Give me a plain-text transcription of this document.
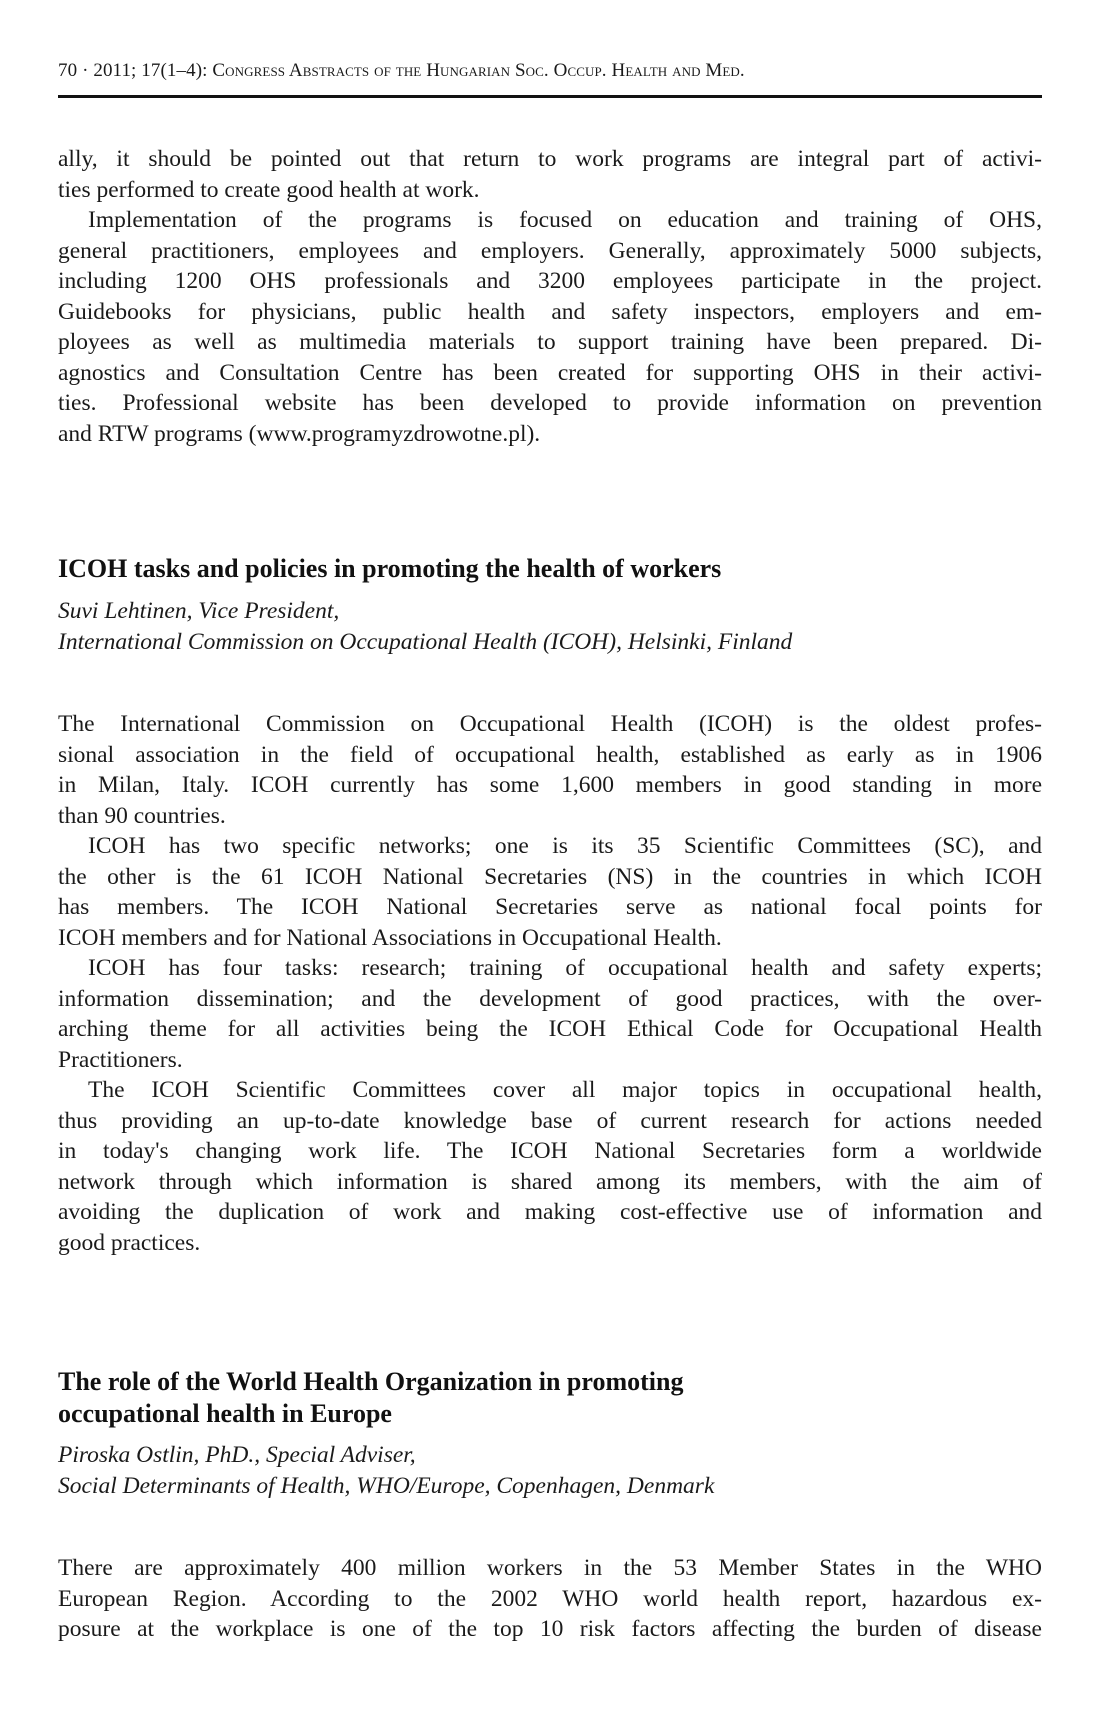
70 · 2011; 17(1–4): Congress Abstracts of the Hungarian Soc. Occup. Health and Med.
ally, it should be pointed out that return to work programs are integral part of activi-
ties performed to create good health at work.
Implementation of the programs is focused on education and training of OHS,
general practitioners, employees and employers. Generally, approximately 5000 subjects,
including 1200 OHS professionals and 3200 employees participate in the project.
Guidebooks for physicians, public health and safety inspectors, employers and em-
ployees as well as multimedia materials to support training have been prepared. Di-
agnostics and Consultation Centre has been created for supporting OHS in their activi-
ties. Professional website has been developed to provide information on prevention
and RTW programs (www.programyzdrowotne.pl).
ICOH tasks and policies in promoting the health of workers
Suvi Lehtinen, Vice President,
International Commission on Occupational Health (ICOH), Helsinki, Finland
The International Commission on Occupational Health (ICOH) is the oldest profes-
sional association in the field of occupational health, established as early as in 1906
in Milan, Italy. ICOH currently has some 1,600 members in good standing in more
than 90 countries.
ICOH has two specific networks; one is its 35 Scientific Committees (SC), and
the other is the 61 ICOH National Secretaries (NS) in the countries in which ICOH
has members. The ICOH National Secretaries serve as national focal points for
ICOH members and for National Associations in Occupational Health.
ICOH has four tasks: research; training of occupational health and safety experts;
information dissemination; and the development of good practices, with the over-
arching theme for all activities being the ICOH Ethical Code for Occupational Health
Practitioners.
The ICOH Scientific Committees cover all major topics in occupational health,
thus providing an up-to-date knowledge base of current research for actions needed
in today's changing work life. The ICOH National Secretaries form a worldwide
network through which information is shared among its members, with the aim of
avoiding the duplication of work and making cost-effective use of information and
good practices.
The role of the World Health Organization in promoting
occupational health in Europe
Piroska Ostlin, PhD., Special Adviser,
Social Determinants of Health, WHO/Europe, Copenhagen, Denmark
There are approximately 400 million workers in the 53 Member States in the WHO
European Region. According to the 2002 WHO world health report, hazardous ex-
posure at the workplace is one of the top 10 risk factors affecting the burden of disease
